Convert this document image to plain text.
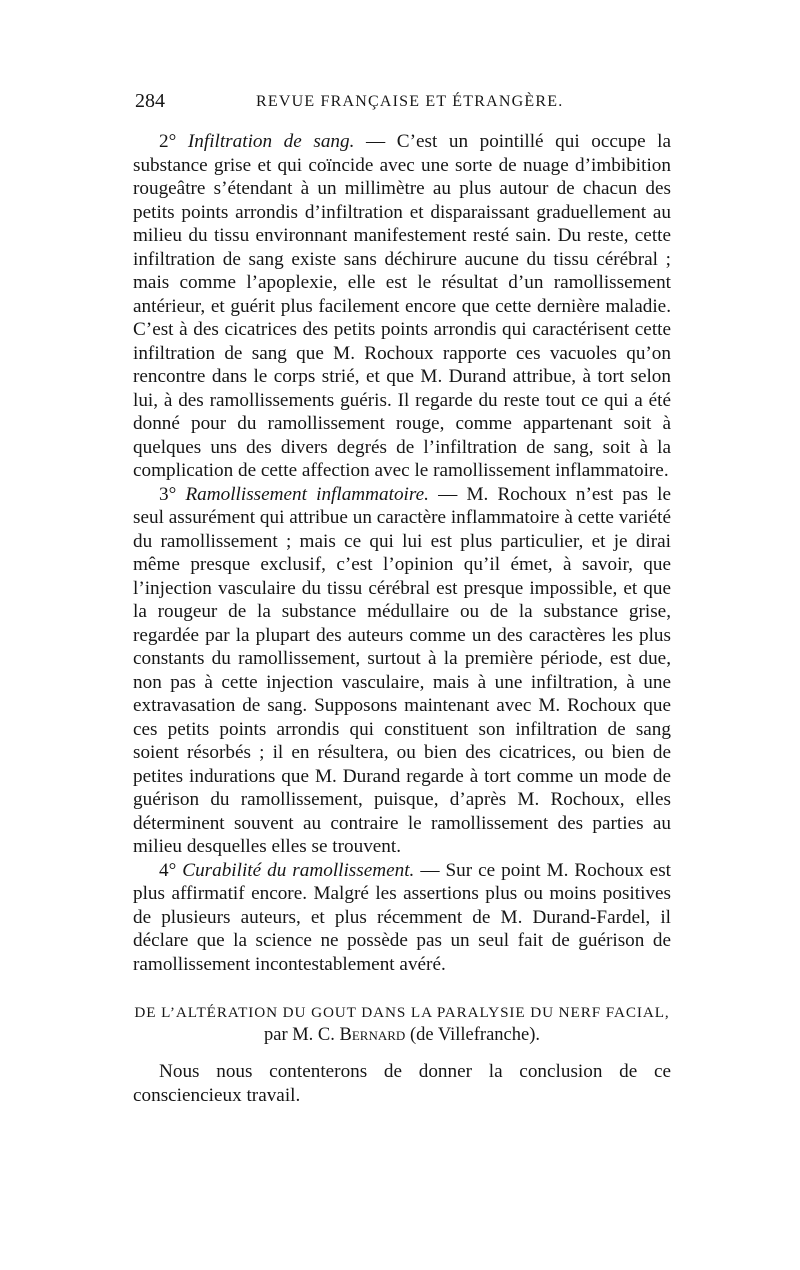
284	REVUE FRANÇAISE ET ÉTRANGÈRE.

2° Infiltration de sang. — C’est un pointillé qui occupe la substance grise et qui coïncide avec une sorte de nuage d’imbibition rougeâtre s’étendant à un millimètre au plus autour de chacun des petits points arrondis d’infiltration et disparaissant graduellement au milieu du tissu environnant manifestement resté sain. Du reste, cette infiltration de sang existe sans déchirure aucune du tissu cérébral ; mais comme l’apoplexie, elle est le résultat d’un ramollissement antérieur, et guérit plus facilement encore que cette dernière maladie. C’est à des cicatrices des petits points arrondis qui caractérisent cette infiltration de sang que M. Rochoux rapporte ces vacuoles qu’on rencontre dans le corps strié, et que M. Durand attribue, à tort selon lui, à des ramollissements guéris. Il regarde du reste tout ce qui a été donné pour du ramollissement rouge, comme appartenant soit à quelques uns des divers degrés de l’infiltration de sang, soit à la complication de cette affection avec le ramollissement inflammatoire.

3° Ramollissement inflammatoire. — M. Rochoux n’est pas le seul assurément qui attribue un caractère inflammatoire à cette variété du ramollissement ; mais ce qui lui est plus particulier, et je dirai même presque exclusif, c’est l’opinion qu’il émet, à savoir, que l’injection vasculaire du tissu cérébral est presque impossible, et que la rougeur de la substance médullaire ou de la substance grise, regardée par la plupart des auteurs comme un des caractères les plus constants du ramollissement, surtout à la première période, est due, non pas à cette injection vasculaire, mais à une infiltration, à une extravasation de sang. Supposons maintenant avec M. Rochoux que ces petits points arrondis qui constituent son infiltration de sang soient résorbés ; il en résultera, ou bien des cicatrices, ou bien de petites indurations que M. Durand regarde à tort comme un mode de guérison du ramollissement, puisque, d’après M. Rochoux, elles déterminent souvent au contraire le ramollissement des parties au milieu desquelles elles se trouvent.

4° Curabilité du ramollissement. — Sur ce point M. Rochoux est plus affirmatif encore. Malgré les assertions plus ou moins positives de plusieurs auteurs, et plus récemment de M. Durand-Fardel, il déclare que la science ne possède pas un seul fait de guérison de ramollissement incontestablement avéré.

DE L’ALTÉRATION DU GOUT DANS LA PARALYSIE DU NERF FACIAL,
par M. C. Bernard (de Villefranche).

Nous nous contenterons de donner la conclusion de ce consciencieux travail.
